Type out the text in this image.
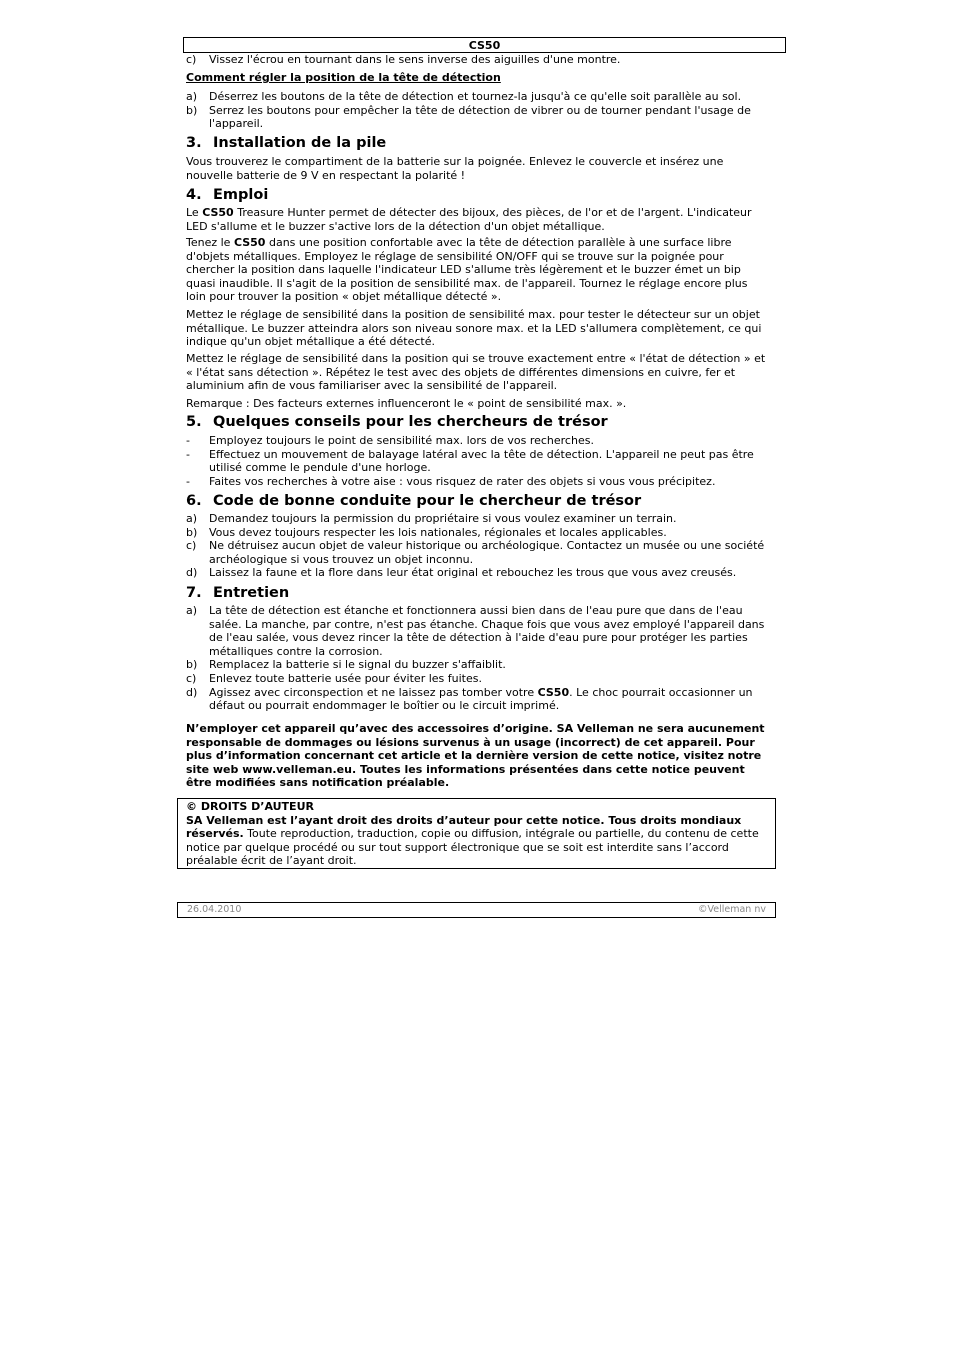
CS50
c) Vissez l'écrou en tournant dans le sens inverse des aiguilles d'une montre.
Comment régler la position de la tête de détection
a) Déserrez les boutons de la tête de détection et tournez-la jusqu'à ce qu'elle soit parallèle au sol.
b) Serrez les boutons pour empêcher la tête de détection de vibrer ou de tourner pendant l'usage de l'appareil.
3. Installation de la pile

Vous trouverez le compartiment de la batterie sur la poignée. Enlevez le couvercle et insérez une nouvelle batterie de 9 V en respectant la polarité !

4. Emploi

Le CS50 Treasure Hunter permet de détecter des bijoux, des pièces, de l'or et de l'argent. L'indicateur LED s'allume et le buzzer s'active lors de la détection d'un objet métallique.

Tenez le CS50 dans une position confortable avec la tête de détection parallèle à une surface libre d'objets métalliques. Employez le réglage de sensibilité ON/OFF qui se trouve sur la poignée pour chercher la position dans laquelle l'indicateur LED s'allume très légèrement et le buzzer émet un bip quasi inaudible. Il s'agit de la position de sensibilité max. de l'appareil. Tournez le réglage encore plus loin pour trouver la position « objet métallique détecté ».

Mettez le réglage de sensibilité dans la position de sensibilité max. pour tester le détecteur sur un objet métallique. Le buzzer atteindra alors son niveau sonore max. et la LED s'allumera complètement, ce qui indique qu'un objet métallique a été détecté.

Mettez le réglage de sensibilité dans la position qui se trouve exactement entre « l'état de détection » et « l'état sans détection ». Répétez le test avec des objets de différentes dimensions en cuivre, fer et aluminium afin de vous familiariser avec la sensibilité de l'appareil.

Remarque : Des facteurs externes influenceront le « point de sensibilité max. ».

5. Quelques conseils pour les chercheurs de trésor
- Employez toujours le point de sensibilité max. lors de vos recherches.
- Effectuez un mouvement de balayage latéral avec la tête de détection. L'appareil ne peut pas être utilisé comme le pendule d'une horloge.
- Faites vos recherches à votre aise : vous risquez de rater des objets si vous vous précipitez.
6. Code de bonne conduite pour le chercheur de trésor
a) Demandez toujours la permission du propriétaire si vous voulez examiner un terrain.
b) Vous devez toujours respecter les lois nationales, régionales et locales applicables.
c) Ne détruisez aucun objet de valeur historique ou archéologique. Contactez un musée ou une société archéologique si vous trouvez un objet inconnu.
d) Laissez la faune et la flore dans leur état original et rebouchez les trous que vous avez creusés.
7. Entretien
a) La tête de détection est étanche et fonctionnera aussi bien dans de l'eau pure que dans de l'eau salée. La manche, par contre, n'est pas étanche. Chaque fois que vous avez employé l'appareil dans de l'eau salée, vous devez rincer la tête de détection à l'aide d'eau pure pour protéger les parties métalliques contre la corrosion.
b) Remplacez la batterie si le signal du buzzer s'affaiblit.
c) Enlevez toute batterie usée pour éviter les fuites.
d) Agissez avec circonspection et ne laissez pas tomber votre CS50. Le choc pourrait occasionner un défaut ou pourrait endommager le boîtier ou le circuit imprimé.

N’employer cet appareil qu’avec des accessoires d’origine. SA Velleman ne sera aucunement responsable de dommages ou lésions survenus à un usage (incorrect) de cet appareil. Pour plus d’information concernant cet article et la dernière version de cette notice, visitez notre site web www.velleman.eu. Toutes les informations présentées dans cette notice peuvent être modifiées sans notification préalable.

© DROITS D’AUTEUR

SA Velleman est l’ayant droit des droits d’auteur pour cette notice. Tous droits mondiaux réservés. Toute reproduction, traduction, copie ou diffusion, intégrale ou partielle, du contenu de cette notice par quelque procédé ou sur tout support électronique que se soit est interdite sans l’accord préalable écrit de l’ayant droit.

26.04.2010	©Velleman nv
